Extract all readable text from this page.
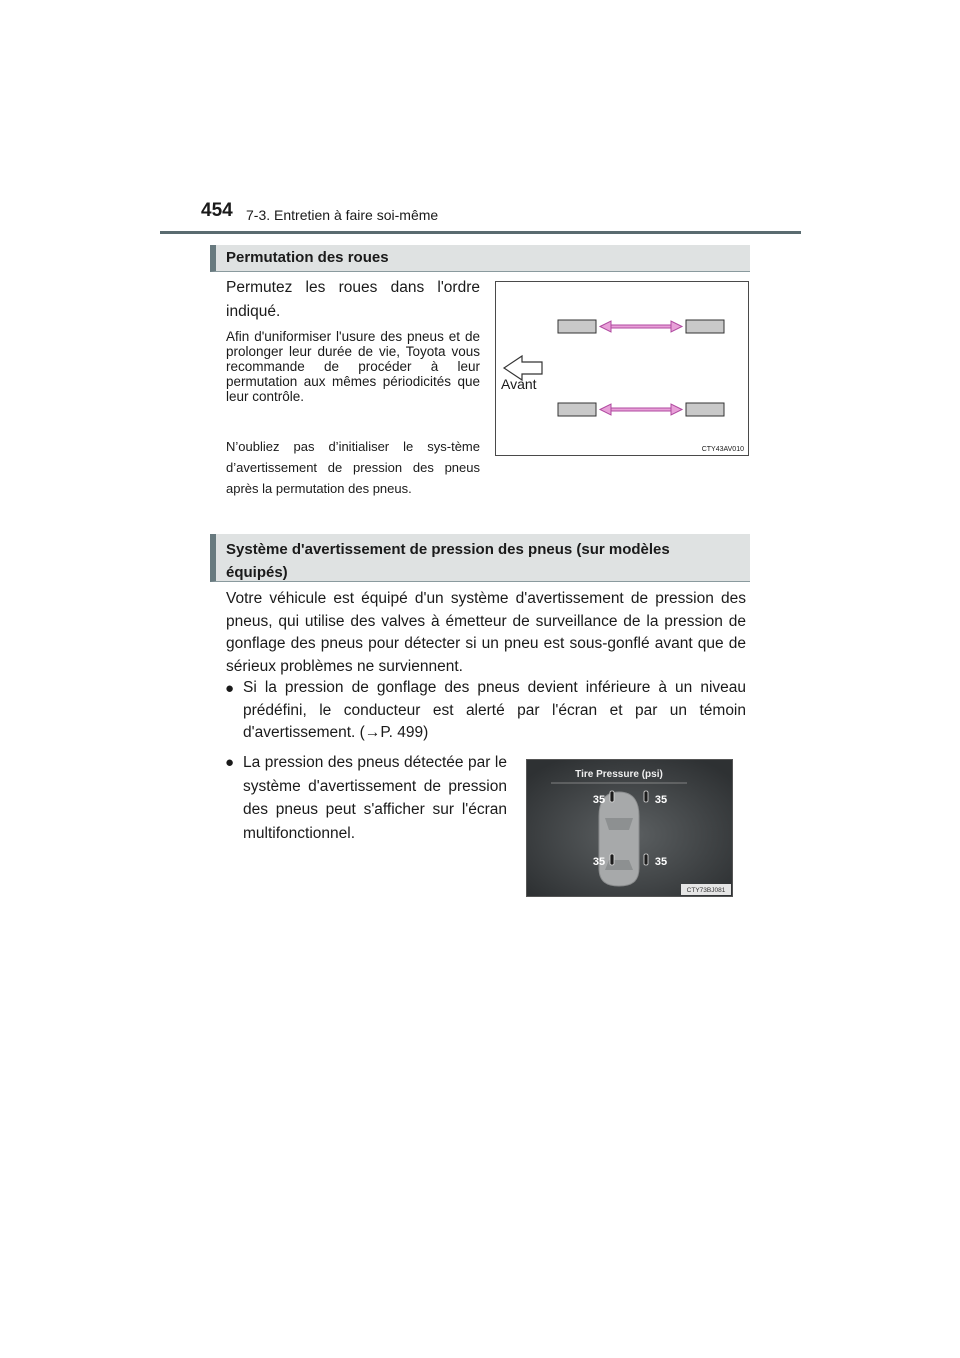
454 7-3. Entretien à faire soi-même
Permutation des roues
Permutez les roues dans l'ordre indiqué.
Afin d'uniformiser l'usure des pneus et de prolonger leur durée de vie, Toyota vous recommande de procéder à leur permutation aux mêmes périodicités que leur contrôle.
N’oubliez pas d’initialiser le sys-tème d’avertissement de pression des pneus après la permutation des pneus.
Avant
CTY43AV010
Système d'avertissement de pression des pneus (sur modèles
équipés)
Votre véhicule est équipé d'un système d'avertissement de pression des pneus, qui utilise des valves à émetteur de surveillance de la pression de gonflage des pneus pour détecter si un pneu est sous-gonflé avant que de sérieux problèmes ne surviennent.
● Si la pression de gonflage des pneus devient inférieure à un niveau prédéfini, le conducteur est alerté par l'écran et par un témoin d'avertissement. (→P. 499)
● La pression des pneus détectée par le système d'avertissement de pression des pneus peut s'afficher sur l'écran multifonctionnel.
Tire Pressure (psi)
35	35
35	35
CTY73BJ081
